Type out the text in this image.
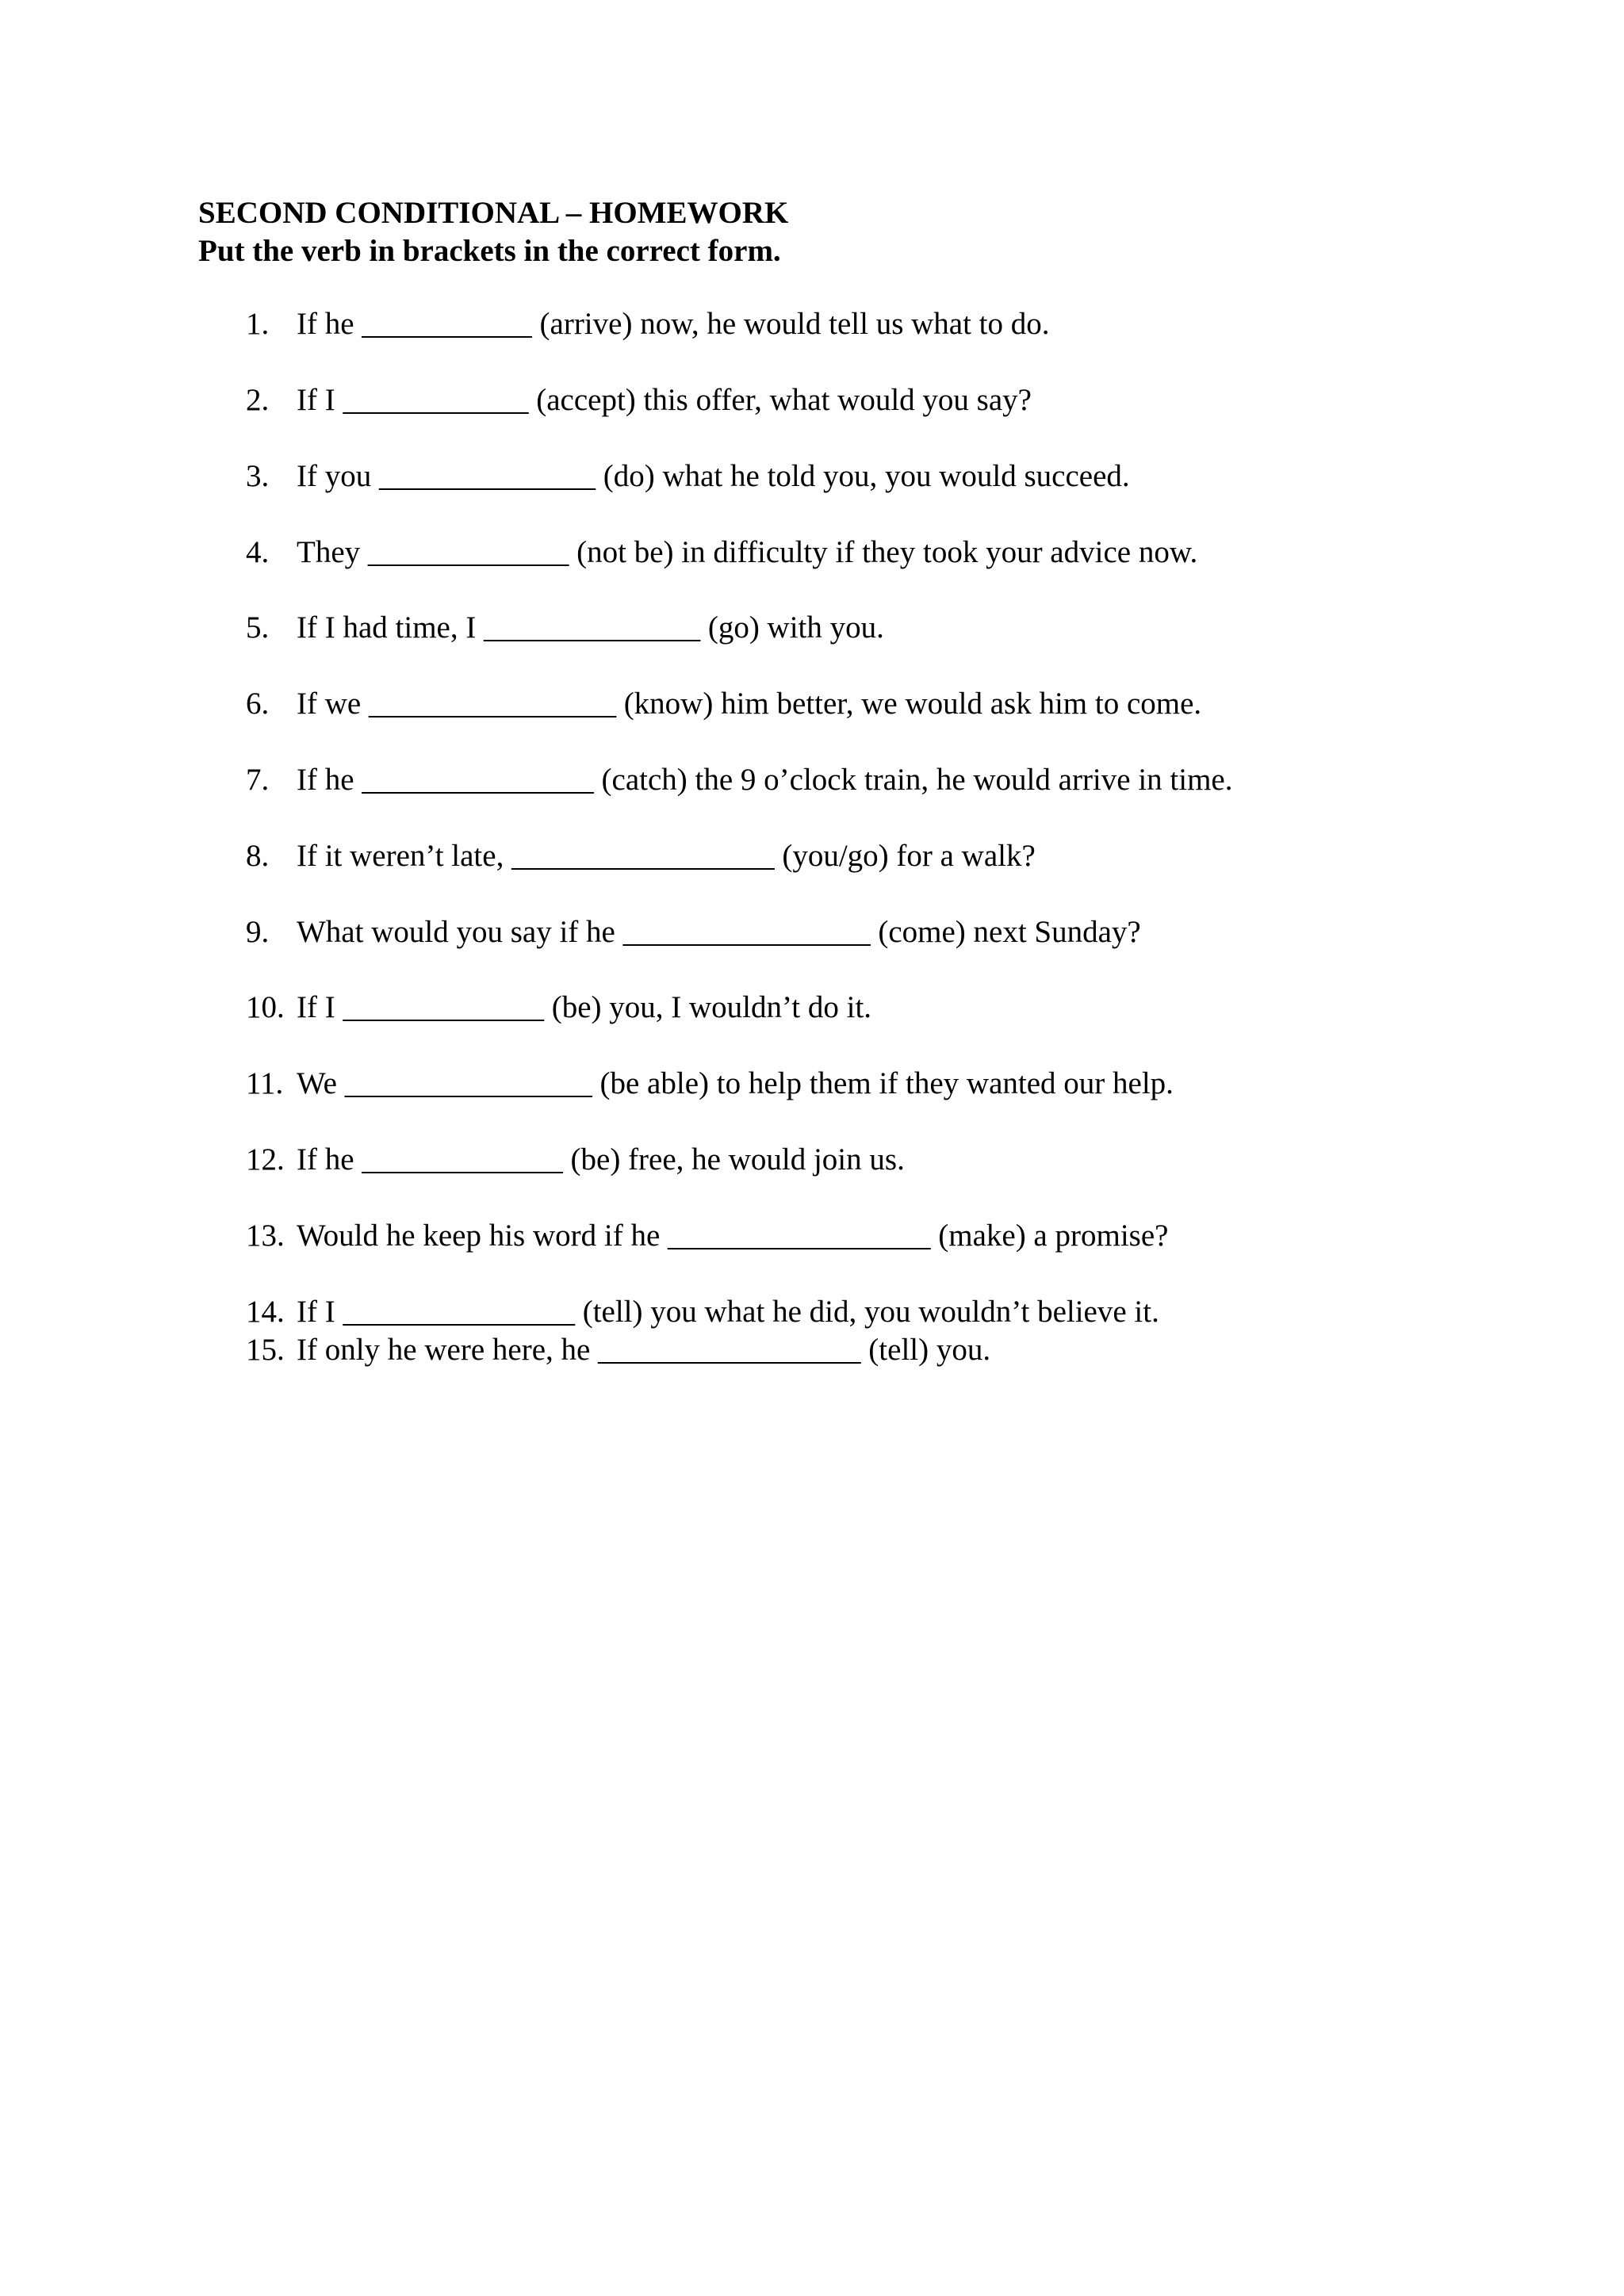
SECOND CONDITIONAL – HOMEWORK

Put the verb in brackets in the correct form.

1. If he ___________ (arrive) now, he would tell us what to do.
2. If I ____________ (accept) this offer, what would you say?
3. If you ______________ (do) what he told you, you would succeed.
4. They _____________ (not be) in difficulty if they took your advice now.
5. If I had time, I ______________ (go) with you.
6. If we ________________ (know) him better, we would ask him to come.
7. If he _______________ (catch) the 9 o’clock train, he would arrive in time.
8. If it weren’t late, _________________ (you/go) for a walk?
9. What would you say if he ________________ (come) next Sunday?
10. If I _____________ (be) you, I wouldn’t do it.
11. We ________________ (be able) to help them if they wanted our help.
12. If he _____________ (be) free, he would join us.
13. Would he keep his word if he _________________ (make) a promise?
14. If I _______________ (tell) you what he did, you wouldn’t believe it.
15. If only he were here, he _________________ (tell) you.
